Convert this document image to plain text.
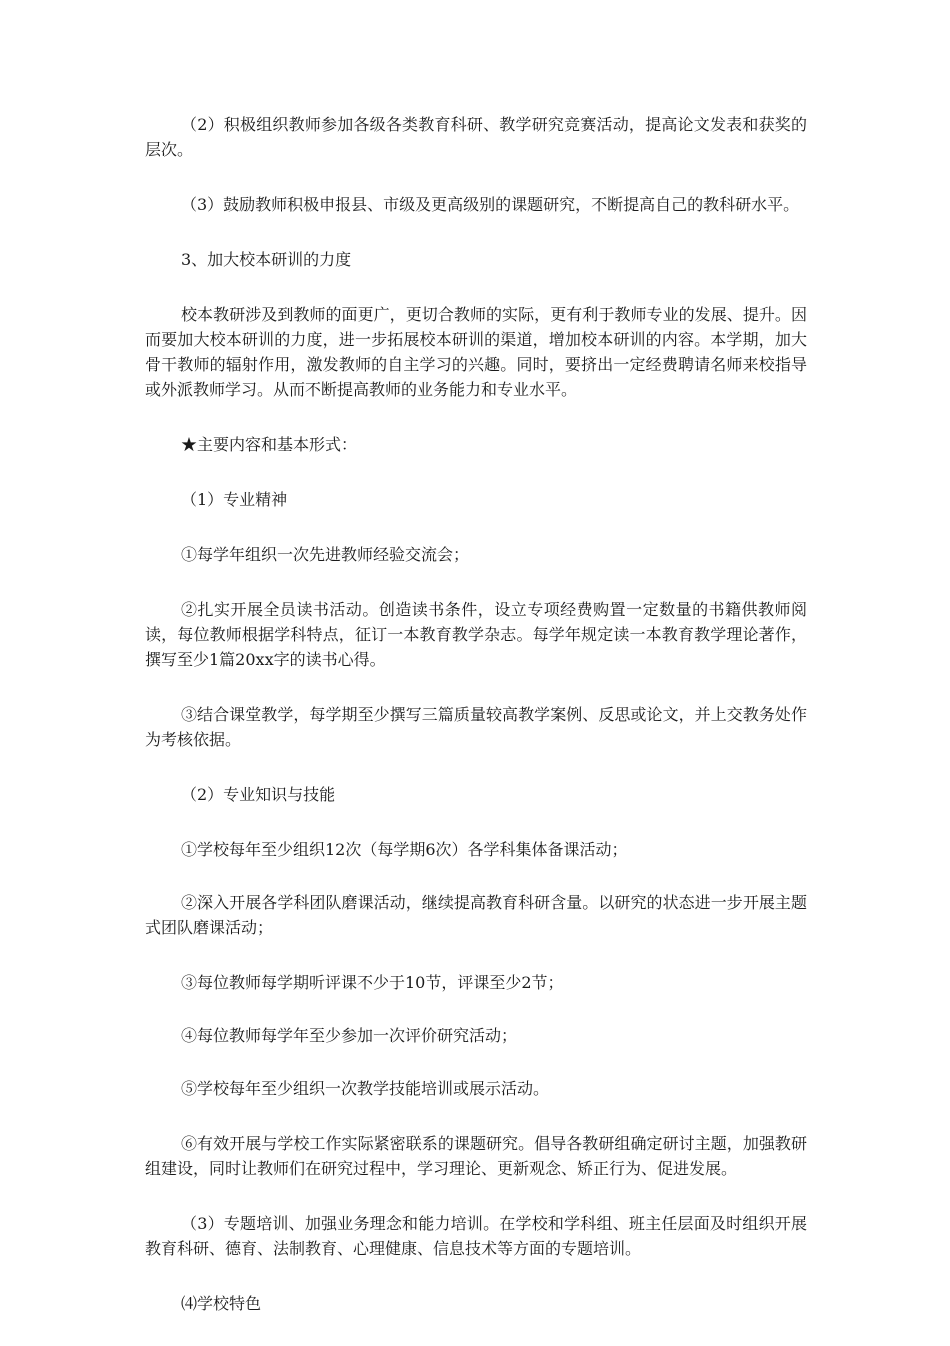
（2）积极组织教师参加各级各类教育科研、教学研究竞赛活动，提高论文发表和获奖的层次。

（3）鼓励教师积极申报县、市级及更高级别的课题研究，不断提高自己的教科研水平。

3、加大校本研训的力度

校本教研涉及到教师的面更广，更切合教师的实际，更有利于教师专业的发展、提升。因而要加大校本研训的力度，进一步拓展校本研训的渠道，增加校本研训的内容。本学期，加大骨干教师的辐射作用，激发教师的自主学习的兴趣。同时，要挤出一定经费聘请名师来校指导或外派教师学习。从而不断提高教师的业务能力和专业水平。

★主要内容和基本形式：

（1）专业精神

①每学年组织一次先进教师经验交流会；

②扎实开展全员读书活动。创造读书条件，设立专项经费购置一定数量的书籍供教师阅读，每位教师根据学科特点，征订一本教育教学杂志。每学年规定读一本教育教学理论著作，撰写至少1篇20xx字的读书心得。

③结合课堂教学，每学期至少撰写三篇质量较高教学案例、反思或论文，并上交教务处作为考核依据。

（2）专业知识与技能

①学校每年至少组织12次（每学期6次）各学科集体备课活动；

②深入开展各学科团队磨课活动，继续提高教育科研含量。以研究的状态进一步开展主题式团队磨课活动；

③每位教师每学期听评课不少于10节，评课至少2节；

④每位教师每学年至少参加一次评价研究活动；

⑤学校每年至少组织一次教学技能培训或展示活动。

⑥有效开展与学校工作实际紧密联系的课题研究。倡导各教研组确定研讨主题，加强教研组建设，同时让教师们在研究过程中，学习理论、更新观念、矫正行为、促进发展。

（3）专题培训、加强业务理念和能力培训。在学校和学科组、班主任层面及时组织开展教育科研、德育、法制教育、心理健康、信息技术等方面的专题培训。

⑷学校特色
